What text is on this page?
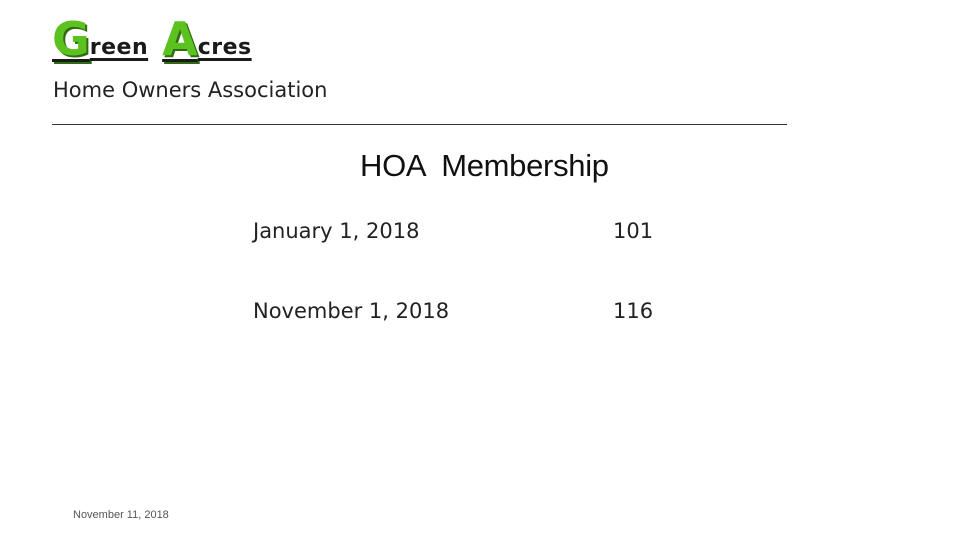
G reen A cres
Home Owners Association
HOA  Membership
January 1, 2018	101
November 1, 2018	116
November 11, 2018
